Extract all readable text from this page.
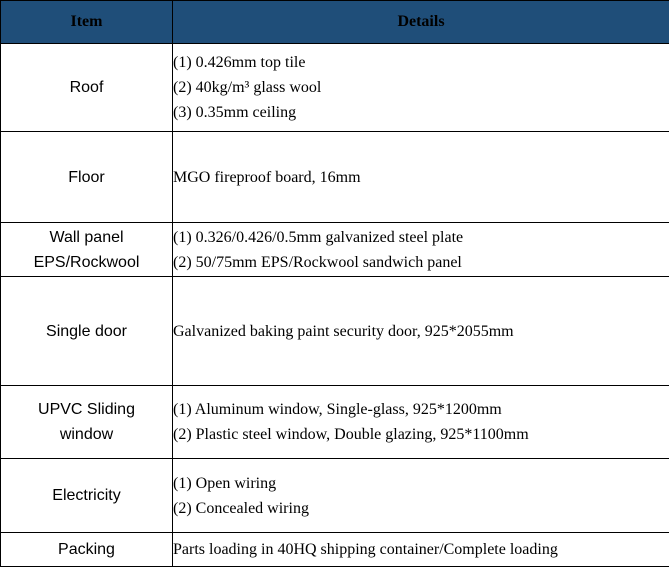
Item	Details

Roof	(1) 0.426mm top tile
(2) 40kg/m³ glass wool
(3) 0.35mm ceiling

Floor	MGO fireproof board, 16mm

Wall panel
EPS/Rockwool	(1) 0.326/0.426/0.5mm galvanized steel plate
(2) 50/75mm EPS/Rockwool sandwich panel

Single door	Galvanized baking paint security door, 925*2055mm

UPVC Sliding
window	(1) Aluminum window, Single-glass, 925*1200mm
(2) Plastic steel window, Double glazing, 925*1100mm

Electricity	(1) Open wiring
(2) Concealed wiring

Packing	Parts loading in 40HQ shipping container/Complete loading
